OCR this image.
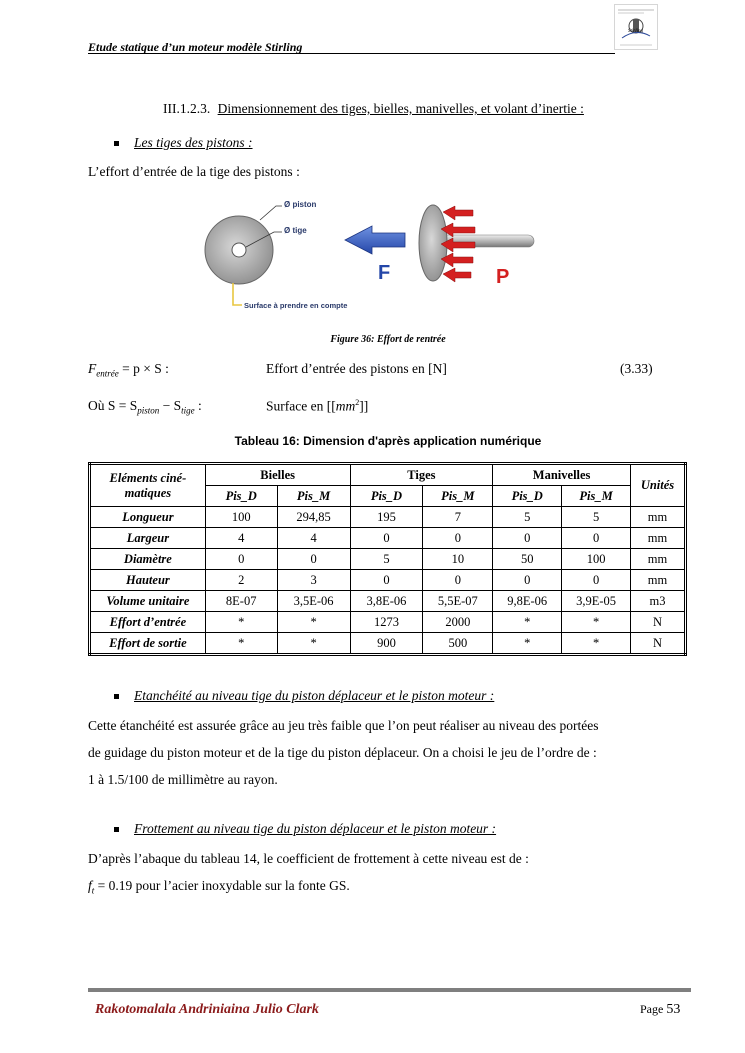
Etude statique d’un moteur modèle Stirling
Stirling
III.1.2.3. Dimensionnement des tiges, bielles, manivelles, et volant d’inertie :
Les tiges des pistons :
L’effort d’entrée de la tige des pistons :
Ø piston
Ø tige
Surface à prendre en compte
F	P
Figure 36: Effort de rentrée
$F_{entrée} = p \times S$ :	Effort d’entrée des pistons en [N]	(3.33)
Où $S = S_{piston} - S_{tige}$ :	Surface en $[[mm^2]]$
Tableau 16: Dimension d'après application numérique
Eléments ciné-matiques	Bielles		Tiges		Manivelles		Unités
	Pis_D	Pis_M	Pis_D	Pis_M	Pis_D	Pis_M	
Longueur	100	294,85	195	7	5	5	mm
Largeur	4	4	0	0	0	0	mm
Diamètre	0	0	5	10	50	100	mm
Hauteur	2	3	0	0	0	0	mm
Volume unitaire	8E-07	3,5E-06	3,8E-06	5,5E-07	9,8E-06	3,9E-05	m3
Effort d’entrée	*	*	1273	2000	*	*	N
Effort de sortie	*	*	900	500	*	*	N
Etanchéité au niveau tige du piston déplaceur et le piston moteur :
Cette étanchéité est assurée grâce au jeu très faible que l’on peut réaliser au niveau des portées
de guidage du piston moteur et de la tige du piston déplaceur. On a choisi le jeu de l’ordre de :
1 à 1.5/100 de millimètre au rayon.
Frottement au niveau tige du piston déplaceur et le piston moteur :
D’après l’abaque du tableau 14, le coefficient de frottement à cette niveau est de :
$f_t = 0.19$ pour l’acier inoxydable sur la fonte GS.
Rakotomalala Andriniaina Julio Clark	Page 53
